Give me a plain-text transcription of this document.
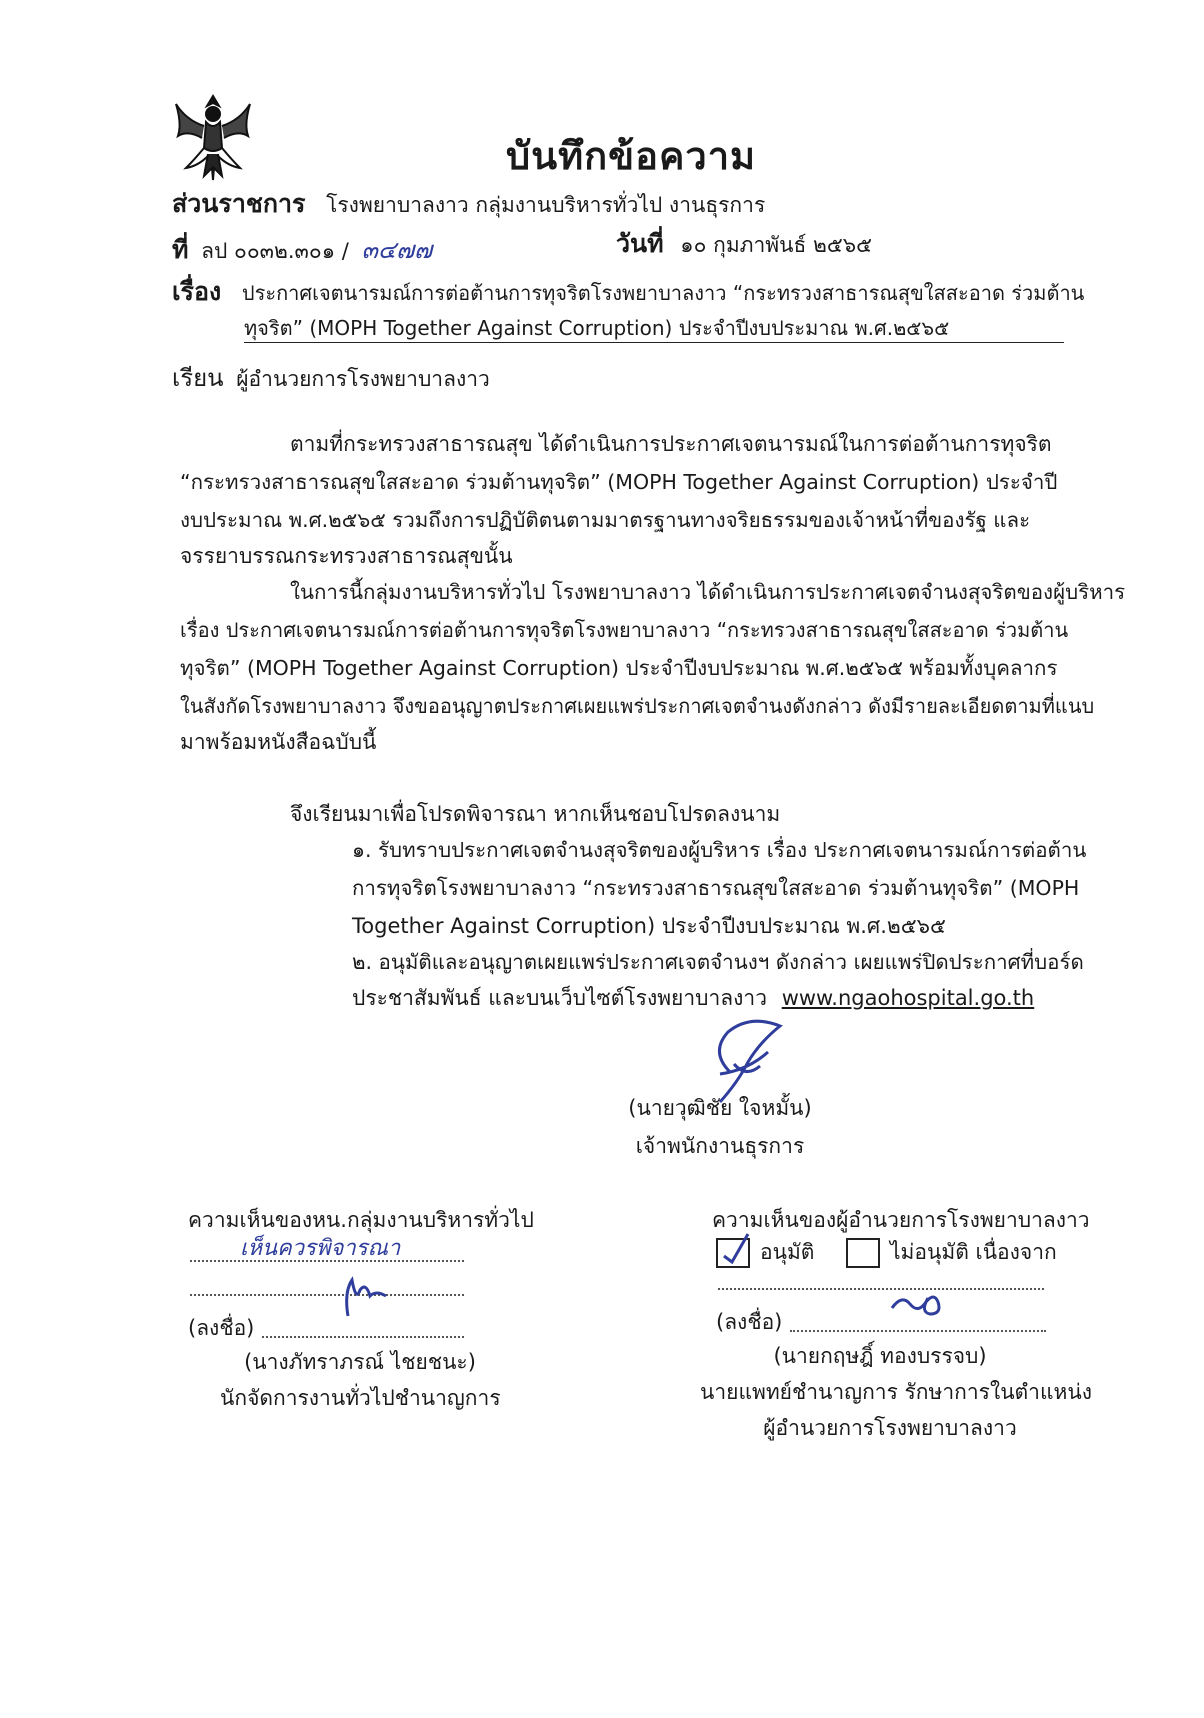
บันทึกข้อความ
ส่วนราชการ โรงพยาบาลงาว กลุ่มงานบริหารทั่วไป งานธุรการ
ที่ ลป ๐๐๓๒.๓๐๑ / ๓๔๗๗	วันที่ ๑๐ กุมภาพันธ์ ๒๕๖๕
เรื่อง ประกาศเจตนารมณ์การต่อต้านการทุจริตโรงพยาบาลงาว “กระทรวงสาธารณสุขใสสะอาด ร่วมต้าน
ทุจริต” (MOPH Together Against Corruption) ประจำปีงบประมาณ พ.ศ.๒๕๖๕
เรียน ผู้อำนวยการโรงพยาบาลงาว
ตามที่กระทรวงสาธารณสุข ได้ดำเนินการประกาศเจตนารมณ์ในการต่อต้านการทุจริต
“กระทรวงสาธารณสุขใสสะอาด ร่วมต้านทุจริต” (MOPH Together Against Corruption) ประจำปี
งบประมาณ พ.ศ.๒๕๖๕ รวมถึงการปฏิบัติตนตามมาตรฐานทางจริยธรรมของเจ้าหน้าที่ของรัฐ และ
จรรยาบรรณกระทรวงสาธารณสุขนั้น
ในการนี้กลุ่มงานบริหารทั่วไป โรงพยาบาลงาว ได้ดำเนินการประกาศเจตจำนงสุจริตของผู้บริหาร
เรื่อง ประกาศเจตนารมณ์การต่อต้านการทุจริตโรงพยาบาลงาว “กระทรวงสาธารณสุขใสสะอาด ร่วมต้าน
ทุจริต” (MOPH Together Against Corruption) ประจำปีงบประมาณ พ.ศ.๒๕๖๕ พร้อมทั้งบุคลากร
ในสังกัดโรงพยาบาลงาว จึงขออนุญาตประกาศเผยแพร่ประกาศเจตจำนงดังกล่าว ดังมีรายละเอียดตามที่แนบ
มาพร้อมหนังสือฉบับนี้
จึงเรียนมาเพื่อโปรดพิจารณา หากเห็นชอบโปรดลงนาม
๑. รับทราบประกาศเจตจำนงสุจริตของผู้บริหาร เรื่อง ประกาศเจตนารมณ์การต่อต้าน
การทุจริตโรงพยาบาลงาว “กระทรวงสาธารณสุขใสสะอาด ร่วมต้านทุจริต” (MOPH
Together Against Corruption) ประจำปีงบประมาณ พ.ศ.๒๕๖๕
๒. อนุมัติและอนุญาตเผยแพร่ประกาศเจตจำนงฯ ดังกล่าว เผยแพร่ปิดประกาศที่บอร์ด
ประชาสัมพันธ์ และบนเว็บไซต์โรงพยาบาลงาว www.ngaohospital.go.th
(นายวุฒิชัย ใจหมั้น)
เจ้าพนักงานธุรการ
ความเห็นของหน.กลุ่มงานบริหารทั่วไป
เห็นควรพิจารณา
(ลงชื่อ)
(นางภัทราภรณ์ ไชยชนะ)
นักจัดการงานทั่วไปชำนาญการ
ความเห็นของผู้อำนวยการโรงพยาบาลงาว
อนุมัติ	ไม่อนุมัติ เนื่องจาก
(ลงชื่อ)
(นายกฤษฎิ์ ทองบรรจบ)
นายแพทย์ชำนาญการ รักษาการในตำแหน่ง
ผู้อำนวยการโรงพยาบาลงาว
